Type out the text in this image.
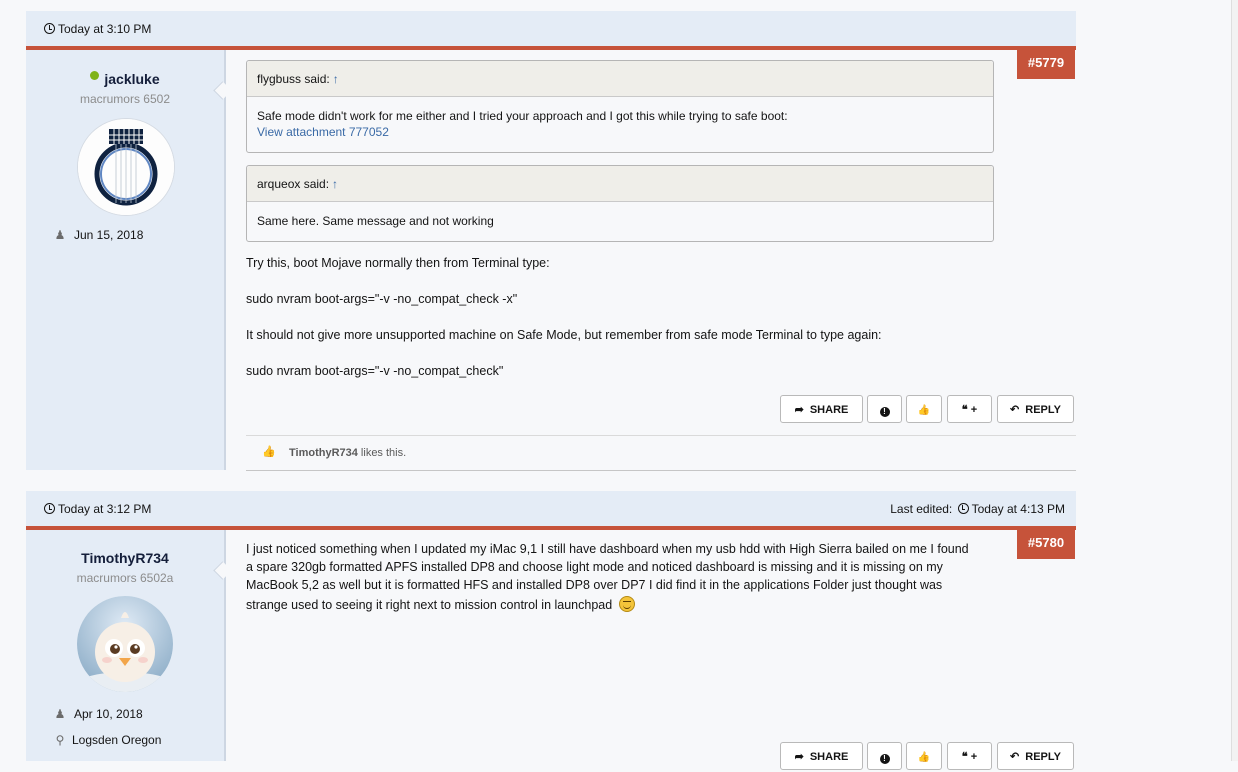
Today at 3:10 PM
#5779
jackluke
macrumors 6502
♟ Jun 15, 2018
flygbuss said: ↑
Safe mode didn't work for me either and I tried your approach and I got this while trying to safe boot:
View attachment 777052
arqueox said: ↑
Same here. Same message and not working
Try this, boot Mojave normally then from Terminal type:
sudo nvram boot-args="-v -no_compat_check -x"
It should not give more unsupported machine on Safe Mode, but remember from safe mode Terminal to type again:
sudo nvram boot-args="-v -no_compat_check"
➦ SHARE	!	👍	❝ +	↶ REPLY
👍 TimothyR734 likes this.
Today at 3:12 PM	Last edited: Today at 4:13 PM
#5780
TimothyR734
macrumors 6502a
♟ Apr 10, 2018
⚲ Logsden Oregon
I just noticed something when I updated my iMac 9,1 I still have dashboard when my usb hdd with High Sierra bailed on me I found
a spare 320gb formatted APFS installed DP8 and choose light mode and noticed dashboard is missing and it is missing on my
MacBook 5,2 as well but it is formatted HFS and installed DP8 over DP7 I did find it in the applications Folder just thought was
strange used to seeing it right next to mission control in launchpad
➦ SHARE	!	👍	❝ +	↶ REPLY
